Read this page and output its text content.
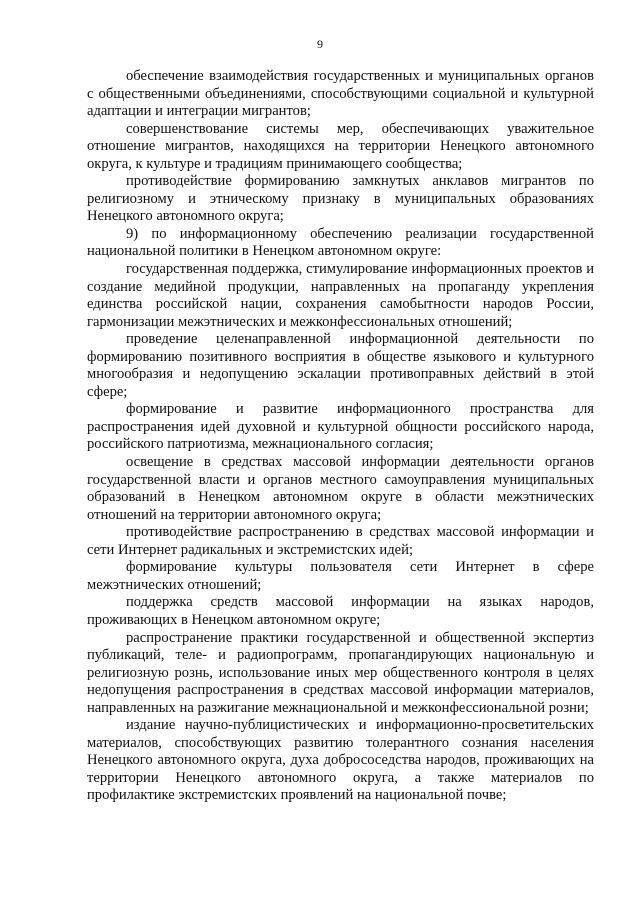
9

обеспечение взаимодействия государственных и муниципальных органов с общественными объединениями, способствующими социальной и культурной адаптации и интеграции мигрантов;

совершенствование системы мер, обеспечивающих уважительное отношение мигрантов, находящихся на территории Ненецкого автономного округа, к культуре и традициям принимающего сообщества;

противодействие формированию замкнутых анклавов мигрантов по религиозному и этническому признаку в муниципальных образованиях Ненецкого автономного округа;

9) по информационному обеспечению реализации государственной национальной политики в Ненецком автономном округе:

государственная поддержка, стимулирование информационных проектов и создание медийной продукции, направленных на пропаганду укрепления единства российской нации, сохранения самобытности народов России, гармонизации межэтнических и межконфессиональных отношений;

проведение целенаправленной информационной деятельности по формированию позитивного восприятия в обществе языкового и культурного многообразия и недопущению эскалации противоправных действий в этой сфере;

формирование и развитие информационного пространства для распространения идей духовной и культурной общности российского народа, российского патриотизма, межнационального согласия;

освещение в средствах массовой информации деятельности органов государственной власти и органов местного самоуправления муниципальных образований в Ненецком автономном округе в области межэтнических отношений на территории автономного округа;

противодействие распространению в средствах массовой информации и сети Интернет радикальных и экстремистских идей;

формирование культуры пользователя сети Интернет в сфере межэтнических отношений;

поддержка средств массовой информации на языках народов, проживающих в Ненецком автономном округе;

распространение практики государственной и общественной экспертиз публикаций, теле- и радиопрограмм, пропагандирующих национальную и религиозную рознь, использование иных мер общественного контроля в целях недопущения распространения в средствах массовой информации материалов, направленных на разжигание межнациональной и межконфессиональной розни;

издание научно-публицистических и информационно-просветительских материалов, способствующих развитию толерантного сознания населения Ненецкого автономного округа, духа добрососедства народов, проживающих на территории Ненецкого автономного округа, а также материалов по профилактике экстремистских проявлений на национальной почве;
